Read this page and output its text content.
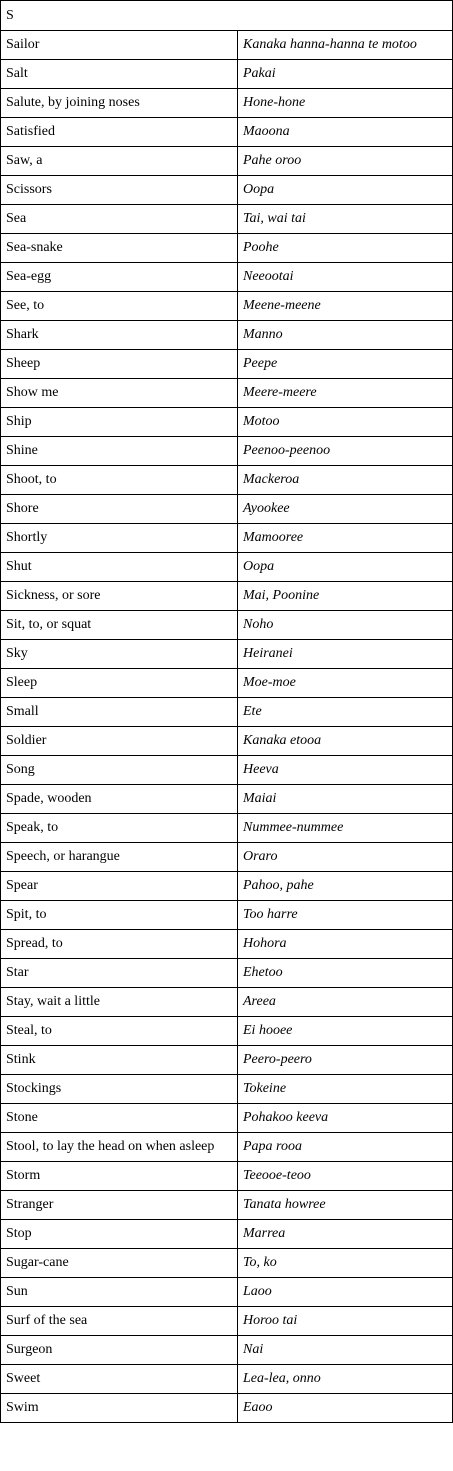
S	
Sailor	Kanaka hanna-hanna te motoo
Salt	Pakai
Salute, by joining noses	Hone-hone
Satisfied	Maoona
Saw, a	Pahe oroo
Scissors	Oopa
Sea	Tai, wai tai
Sea-snake	Poohe
Sea-egg	Neeootai
See, to	Meene-meene
Shark	Manno
Sheep	Peepe
Show me	Meere-meere
Ship	Motoo
Shine	Peenoo-peenoo
Shoot, to	Mackeroa
Shore	Ayookee
Shortly	Mamooree
Shut	Oopa
Sickness, or sore	Mai, Poonine
Sit, to, or squat	Noho
Sky	Heiranei
Sleep	Moe-moe
Small	Ete
Soldier	Kanaka etooa
Song	Heeva
Spade, wooden	Maiai
Speak, to	Nummee-nummee
Speech, or harangue	Oraro
Spear	Pahoo, pahe
Spit, to	Too harre
Spread, to	Hohora
Star	Ehetoo
Stay, wait a little	Areea
Steal, to	Ei hooee
Stink	Peero-peero
Stockings	Tokeine
Stone	Pohakoo keeva
Stool, to lay the head on when asleep	Papa rooa
Storm	Teeooe-teoo
Stranger	Tanata howree
Stop	Marrea
Sugar-cane	To, ko
Sun	Laoo
Surf of the sea	Horoo tai
Surgeon	Nai
Sweet	Lea-lea, onno
Swim	Eaoo
